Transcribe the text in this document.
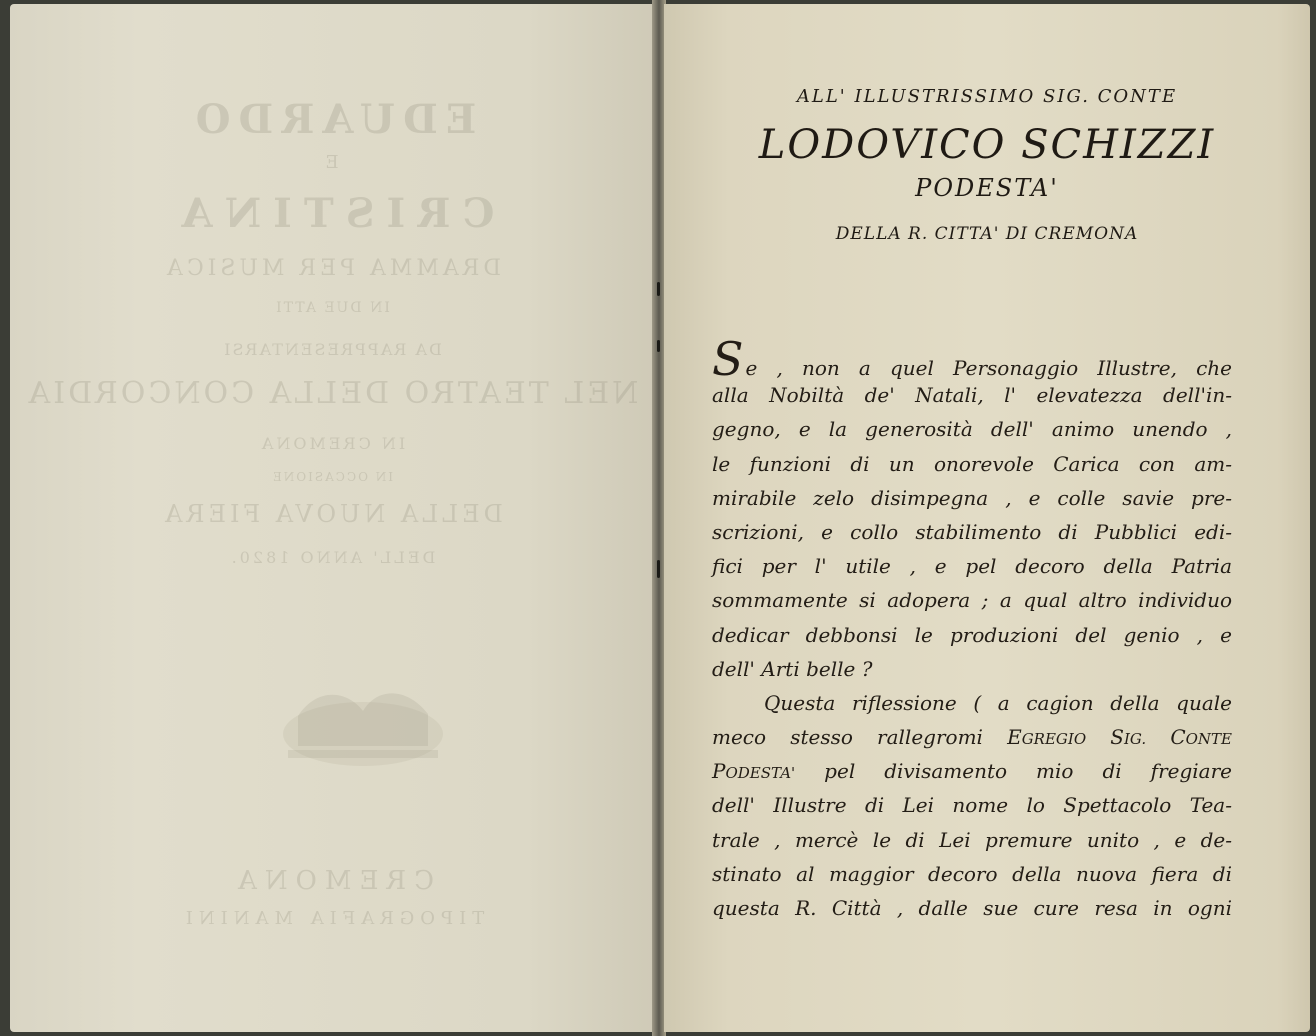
EDUARDO
E
CRISTINA
DRAMMA PER MUSICA
IN DUE ATTI
DA RAPPRESENTARSI
NEL TEATRO DELLA CONCORDIA
IN CREMONA
IN OCCASIONE
DELLA NUOVA FIERA
DELL' ANNO 1820.
CREMONA
TIPOGRAFIA MANINI
ALL' ILLUSTRISSIMO SIG. CONTE
LODOVICO SCHIZZI
PODESTA'
DELLA R. CITTA' DI CREMONA
Se , non a quel Personaggio Illustre, che
alla Nobiltà de' Natali, l' elevatezza dell'in-
gegno, e la generosità dell' animo unendo ,
le funzioni di un onorevole Carica con am-
mirabile zelo disimpegna , e colle savie pre-
scrizioni, e collo stabilimento di Pubblici edi-
fici per l' utile , e pel decoro della Patria
sommamente si adopera ; a qual altro individuo
dedicar debbonsi le produzioni del genio , e
dell' Arti belle ?
Questa riflessione ( a cagion della quale
meco stesso rallegromi EGREGIO SIG. CONTE
PODESTA' pel divisamento mio di fregiare
dell' Illustre di Lei nome lo Spettacolo Tea-
trale , mercè le di Lei premure unito , e de-
stinato al maggior decoro della nuova fiera di
questa R. Città , dalle sue cure resa in ogni
